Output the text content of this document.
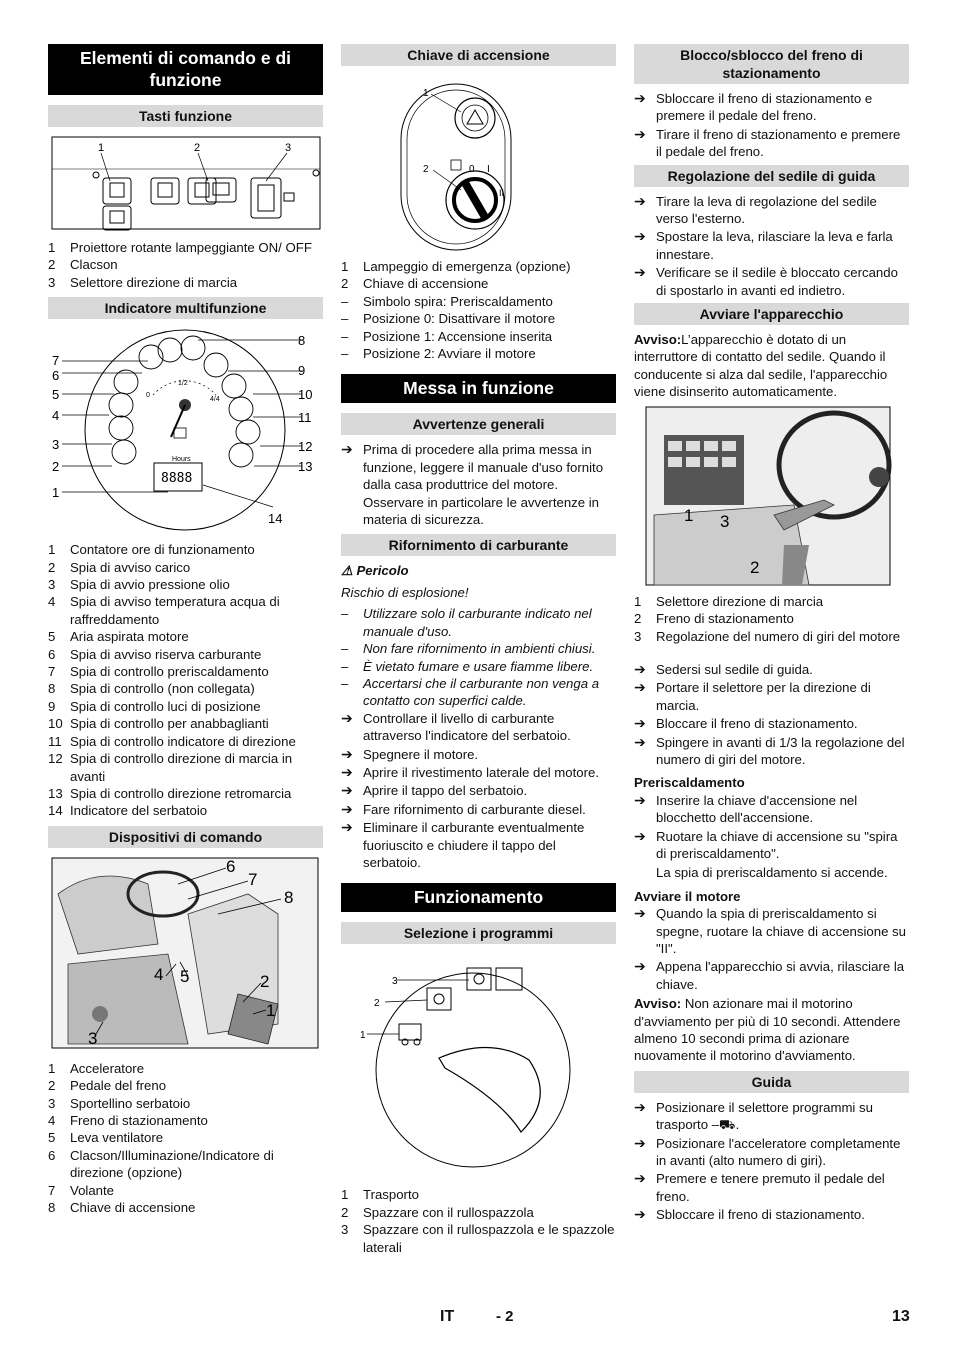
Elementi di comando e di funzione
Tasti funzione
1	2	3
1	Proiettore rotante lampeggiante ON/ OFF
2	Clacson
3	Selettore direzione di marcia
Indicatore multifunzione
1/2
0
4/4
Hours
8888
7
6
5
4
3
2
1
8
9
10
11
12
13
14
1	Contatore ore di funzionamento
2	Spia di avviso carico
3	Spia di avvio pressione olio
4	Spia di avviso temperatura acqua di raffreddamento
5	Aria aspirata motore
6	Spia di avviso riserva carburante
7	Spia di controllo preriscaldamento
8	Spia di controllo (non collegata)
9	Spia di controllo luci di posizione
10 Spia di controllo per anabbaglianti
11 Spia di controllo indicatore di direzione
12 Spia di controllo direzione di marcia in avanti
13 Spia di controllo direzione retromarcia
14 Indicatore del serbatoio
Dispositivi di comando
6
7
8
4 5	2
1
3
1	Acceleratore
2	Pedale del freno
3	Sportellino serbatoio
4	Freno di stazionamento
5	Leva ventilatore
6	Clacson/Illuminazione/Indicatore di direzione (opzione)
7	Volante
8	Chiave di accensione
Chiave di accensione
0 I
II
1
2
1	Lampeggio di emergenza (opzione)
2	Chiave di accensione
–	Simbolo spira: Preriscaldamento
–	Posizione 0: Disattivare il motore
–	Posizione 1: Accensione inserita
–	Posizione 2: Avviare il motore
Messa in funzione
Avvertenze generali
➔ Prima di procedere alla prima messa in funzione, leggere il manuale d'uso fornito dalla casa produttrice del motore. Osservare in particolare le avvertenze in materia di sicurezza.
Rifornimento di carburante

⚠ Pericolo

Rischio di esplosione!

–	Utilizzare solo il carburante indicato nel manuale d'uso.
–	Non fare rifornimento in ambienti chiusi.
–	È vietato fumare e usare fiamme libere.
–	Accertarsi che il carburante non venga a contatto con superfici calde.
➔ Controllare il livello di carburante attraverso l'indicatore del serbatoio.
➔ Spegnere il motore.
➔ Aprire il rivestimento laterale del motore.
➔ Aprire il tappo del serbatoio.
➔ Fare rifornimento di carburante diesel.
➔ Eliminare il carburante eventualmente fuoriuscito e chiudere il tappo del serbatoio.
Funzionamento
Selezione i programmi
3
2
1
1	Trasporto
2	Spazzare con il rullospazzola
3	Spazzare con il rullospazzola e le spazzole laterali
Blocco/sblocco del freno di stazionamento
➔ Sbloccare il freno di stazionamento e premere il pedale del freno.
➔ Tirare il freno di stazionamento e premere il pedale del freno.
Regolazione del sedile di guida
➔ Tirare la leva di regolazione del sedile verso l'esterno.
➔ Spostare la leva, rilasciare la leva e farla innestare.
➔ Verificare se il sedile è bloccato cercando di spostarlo in avanti ed indietro.
Avviare l'apparecchio

Avviso:L’apparecchio è dotato di un interruttore di contatto del sedile. Quando il conducente si alza dal sedile, l'apparecchio viene disinserito automaticamente.

1 3
2
1	Selettore direzione di marcia
2	Freno di stazionamento
3	Regolazione del numero di giri del motore
➔ Sedersi sul sedile di guida.
➔ Portare il selettore per la direzione di marcia.
➔ Bloccare il freno di stazionamento.
➔ Spingere in avanti di 1/3 la regolazione del numero di giri del motore.
Preriscaldamento
➔ Inserire la chiave d'accensione nel blocchetto dell'accensione.
➔ Ruotare la chiave di accensione su "spira di preriscaldamento".

La spia di preriscaldamento si accende.

Avviare il motore
➔ Quando la spia di preriscaldamento si spegne, ruotare la chiave di accensione su "II".
➔ Appena l'apparecchio si avvia, rilasciare la chiave.

Avviso: Non azionare mai il motorino d'avviamento per più di 10 secondi. Attendere almeno 10 secondi prima di azionare nuovamente il motorino d'avviamento.

Guida
➔ Posizionare il selettore programmi su trasporto –⛟.
➔ Posizionare l'acceleratore completamente in avanti (alto numero di giri).
➔ Premere e tenere premuto il pedale del freno.
➔ Sbloccare il freno di stazionamento.
IT	- 2	13
